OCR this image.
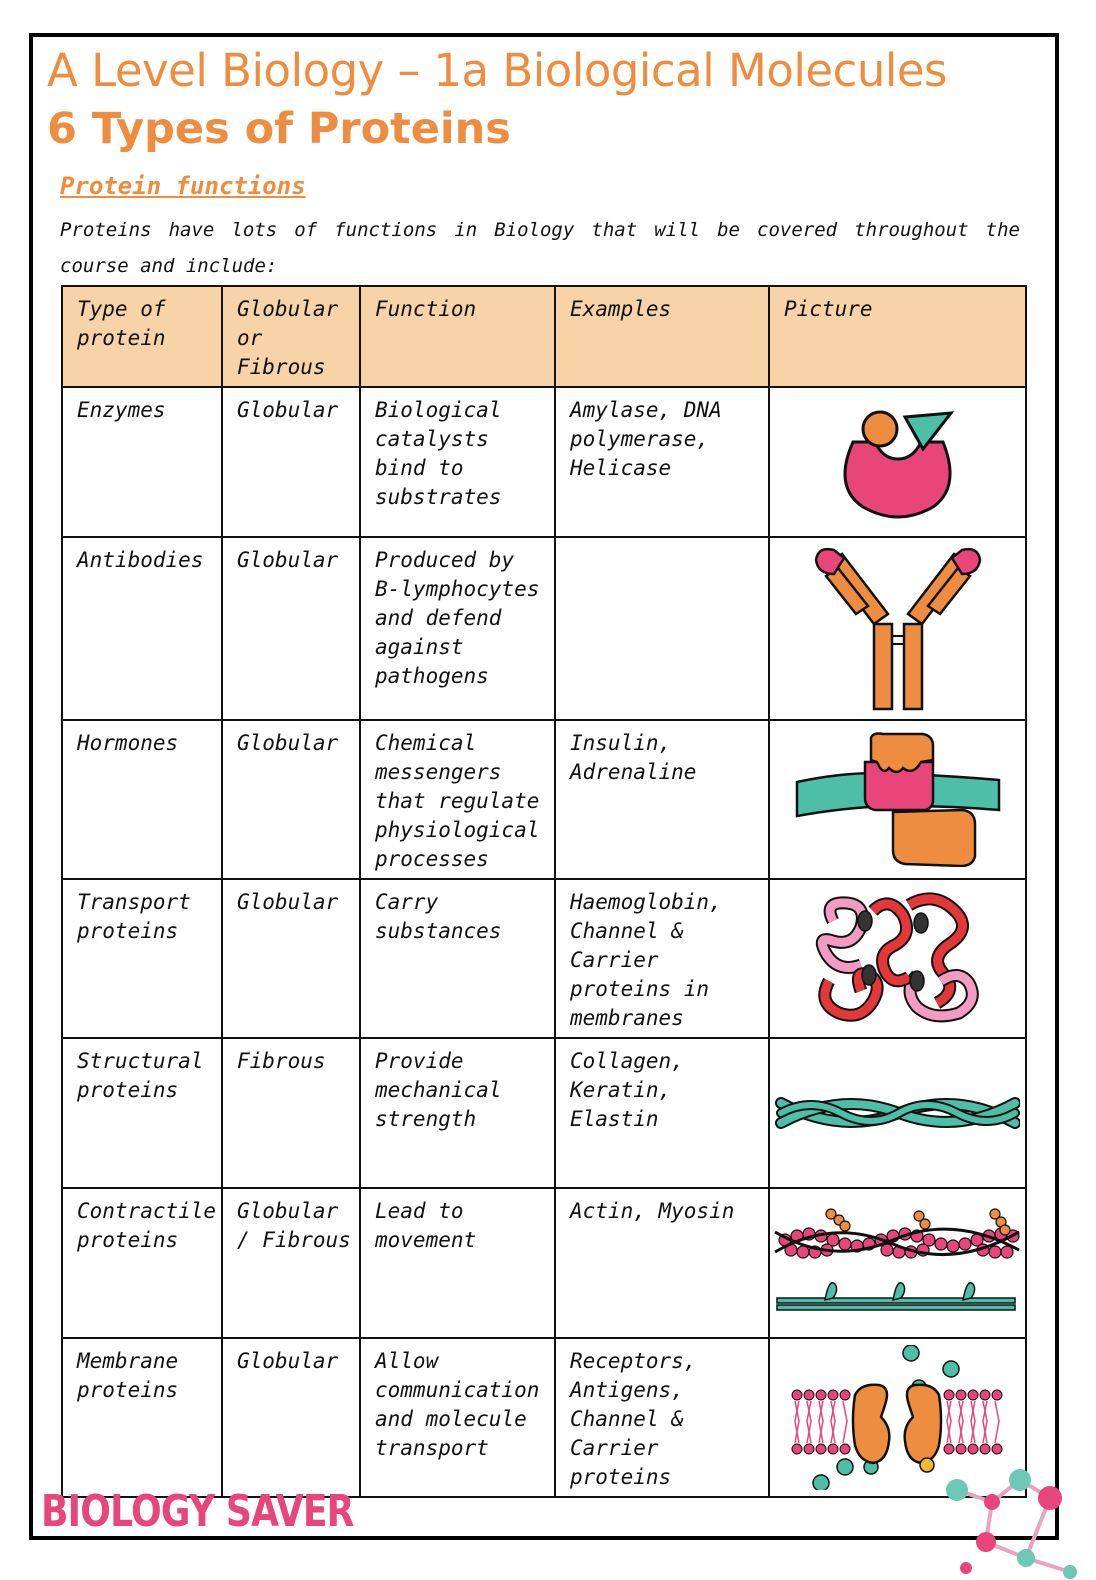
A Level Biology – 1a Biological Molecules
6 Types of Proteins
Protein functions

Proteins have lots of functions in Biology that will be covered throughout the course and include:

Type of protein	Globular or Fibrous	Function	Examples	Picture
Enzymes	Globular	Biological catalysts bind to substrates	Amylase, DNA polymerase, Helicase	

Antibodies	Globular	Produced by B-lymphocytes and defend against pathogens		

Hormones	Globular	Chemical messengers that regulate physiological processes	Insulin, Adrenaline	

Transport proteins	Globular	Carry substances	Haemoglobin, Channel & Carrier proteins in membranes	

Structural proteins	Fibrous	Provide mechanical strength	Collagen, Keratin, Elastin	

Contractile proteins	Globular / Fibrous	Lead to movement	Actin, Myosin	

Membrane proteins	Globular	Allow communication and molecule transport	Receptors, Antigens, Channel & Carrier proteins	
BIOLOGY SAVER
